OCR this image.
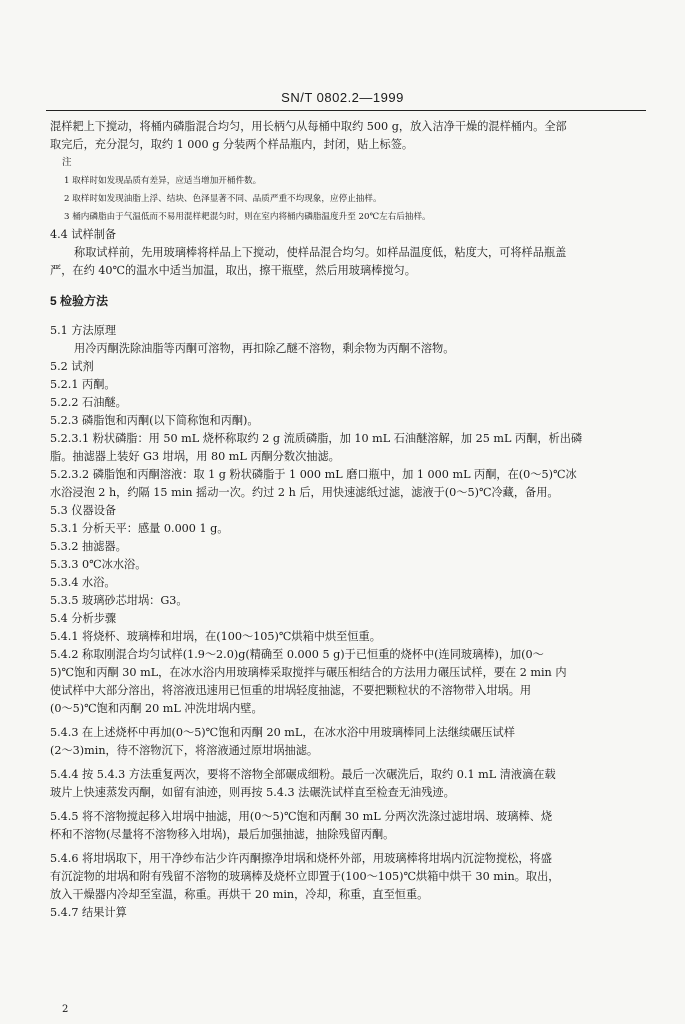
SN/T 0802.2—1999
混样耙上下搅动，将桶内磷脂混合均匀，用长柄勺从每桶中取约 500 g，放入洁净干燥的混样桶内。全部
取完后，充分混匀，取约 1 000 g 分装两个样品瓶内，封闭，贴上标签。
注
1 取样时如发现品质有差异，应适当增加开桶件数。
2 取样时如发现油脂上浮、结块、色泽显著不同、品质严重不均现象，应停止抽样。
3 桶内磷脂由于气温低而不易用混样耙混匀时，则在室内将桶内磷脂温度升至 20℃左右后抽样。
4.4 试样制备
称取试样前，先用玻璃棒将样品上下搅动，使样品混合均匀。如样品温度低，粘度大，可将样品瓶盖
严，在约 40℃的温水中适当加温，取出，擦干瓶壁，然后用玻璃棒搅匀。
5 检验方法
5.1 方法原理
用冷丙酮洗除油脂等丙酮可溶物，再扣除乙醚不溶物，剩余物为丙酮不溶物。
5.2 试剂
5.2.1 丙酮。
5.2.2 石油醚。
5.2.3 磷脂饱和丙酮(以下简称饱和丙酮)。
5.2.3.1 粉状磷脂：用 50 mL 烧杯称取约 2 g 流质磷脂，加 10 mL 石油醚溶解，加 25 mL 丙酮，析出磷
脂。抽滤器上装好 G3 坩埚，用 80 mL 丙酮分数次抽滤。
5.2.3.2 磷脂饱和丙酮溶液：取 1 g 粉状磷脂于 1 000 mL 磨口瓶中，加 1 000 mL 丙酮，在(0～5)℃冰
水浴浸泡 2 h，约隔 15 min 摇动一次。约过 2 h 后，用快速滤纸过滤，滤液于(0～5)℃冷藏，备用。
5.3 仪器设备
5.3.1 分析天平：感量 0.000 1 g。
5.3.2 抽滤器。
5.3.3 0℃冰水浴。
5.3.4 水浴。
5.3.5 玻璃砂芯坩埚：G3。
5.4 分析步骤
5.4.1 将烧杯、玻璃棒和坩埚，在(100～105)℃烘箱中烘至恒重。
5.4.2 称取刚混合均匀试样(1.9～2.0)g(精确至 0.000 5 g)于已恒重的烧杯中(连同玻璃棒)，加(0～
5)℃饱和丙酮 30 mL，在冰水浴内用玻璃棒采取搅拌与碾压相结合的方法用力碾压试样，要在 2 min 内
使试样中大部分溶出，将溶液迅速用已恒重的坩埚轻度抽滤，不要把颗粒状的不溶物带入坩埚。用
(0～5)℃饱和丙酮 20 mL 冲洗坩埚内壁。
5.4.3 在上述烧杯中再加(0～5)℃饱和丙酮 20 mL，在冰水浴中用玻璃棒同上法继续碾压试样
(2～3)min，待不溶物沉下，将溶液通过原坩埚抽滤。
5.4.4 按 5.4.3 方法重复两次，要将不溶物全部碾成细粉。最后一次碾洗后，取约 0.1 mL 清液滴在载
玻片上快速蒸发丙酮，如留有油迹，则再按 5.4.3 法碾洗试样直至检查无油残迹。
5.4.5 将不溶物搅起移入坩埚中抽滤，用(0～5)℃饱和丙酮 30 mL 分两次洗涤过滤坩埚、玻璃棒、烧
杯和不溶物(尽量将不溶物移入坩埚)，最后加强抽滤，抽除残留丙酮。
5.4.6 将坩埚取下，用干净纱布沾少许丙酮擦净坩埚和烧杯外部，用玻璃棒将坩埚内沉淀物搅松，将盛
有沉淀物的坩埚和附有残留不溶物的玻璃棒及烧杯立即置于(100～105)℃烘箱中烘干 30 min。取出，
放入干燥器内冷却至室温，称重。再烘干 20 min，冷却，称重，直至恒重。
5.4.7 结果计算
2
